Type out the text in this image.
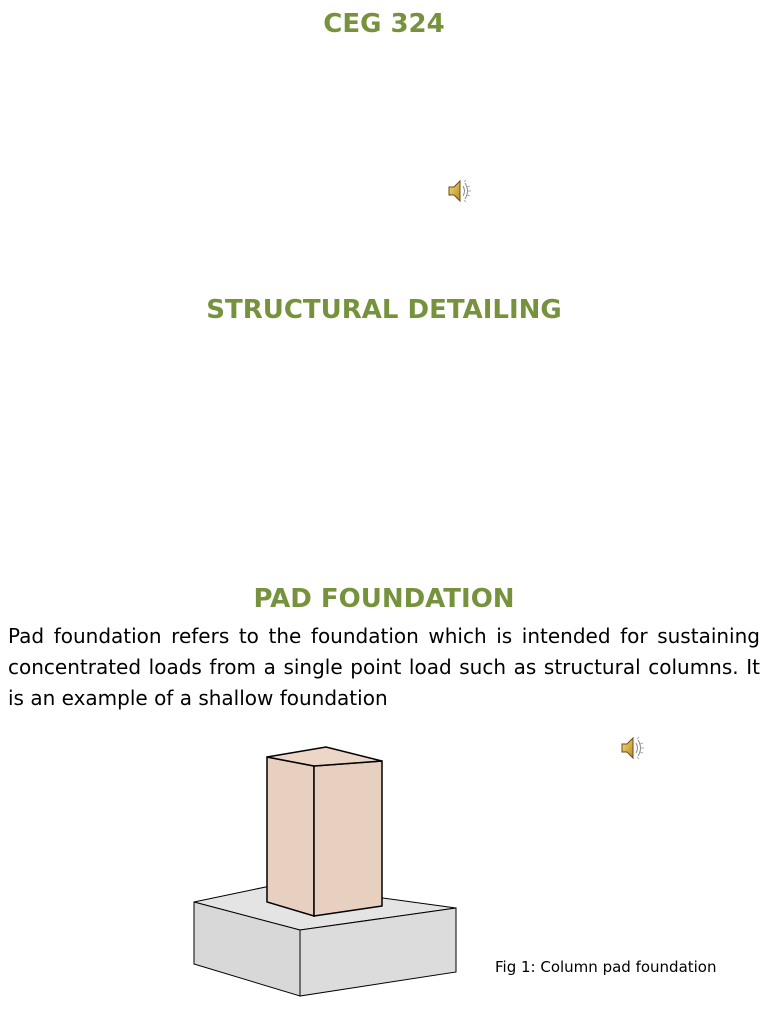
CEG 324
STRUCTURAL DETAILING
PAD FOUNDATION

Pad foundation refers to the foundation which is intended for sustaining concentrated loads from a single point load such as structural columns. It is an example of a shallow foundation

Fig 1: Column pad foundation
